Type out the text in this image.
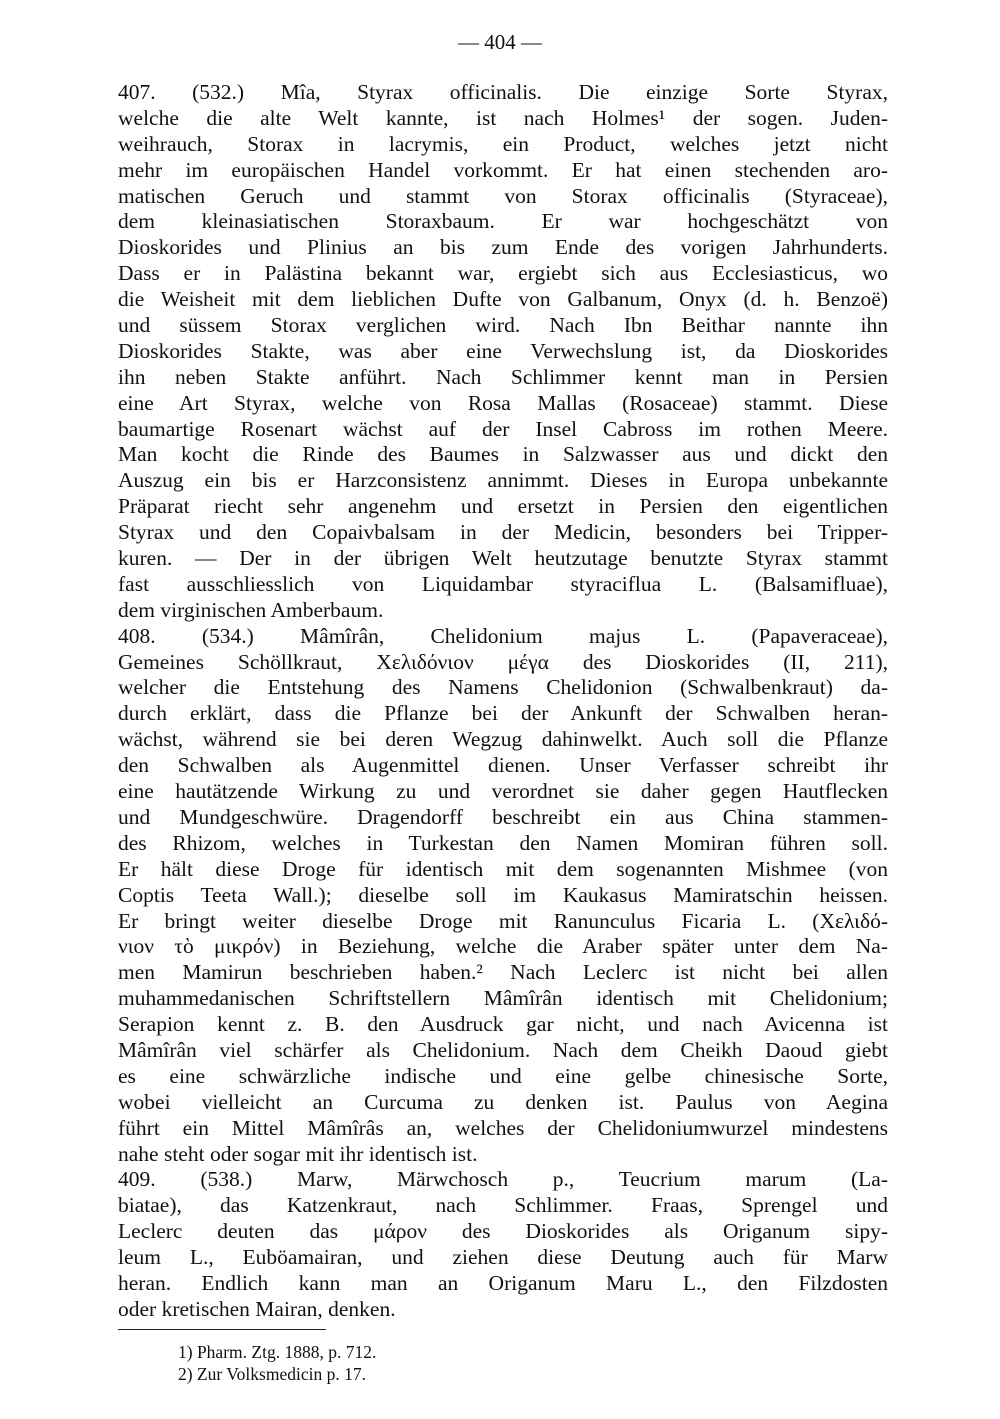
— 404 —
407. (532.) Mîa, Styrax officinalis. Die einzige Sorte Styrax,
welche die alte Welt kannte, ist nach Holmes¹ der sogen. Juden-
weihrauch, Storax in lacrymis, ein Product, welches jetzt nicht
mehr im europäischen Handel vorkommt. Er hat einen stechenden aro-
matischen Geruch und stammt von Storax officinalis (Styraceae),
dem kleinasiatischen Storaxbaum. Er war hochgeschätzt von
Dioskorides und Plinius an bis zum Ende des vorigen Jahrhunderts.
Dass er in Palästina bekannt war, ergiebt sich aus Ecclesiasticus, wo
die Weisheit mit dem lieblichen Dufte von Galbanum, Onyx (d. h. Benzoë)
und süssem Storax verglichen wird. Nach Ibn Beithar nannte ihn
Dioskorides Stakte, was aber eine Verwechslung ist, da Dioskorides
ihn neben Stakte anführt. Nach Schlimmer kennt man in Persien
eine Art Styrax, welche von Rosa Mallas (Rosaceae) stammt. Diese
baumartige Rosenart wächst auf der Insel Cabross im rothen Meere.
Man kocht die Rinde des Baumes in Salzwasser aus und dickt den
Auszug ein bis er Harzconsistenz annimmt. Dieses in Europa unbekannte
Präparat riecht sehr angenehm und ersetzt in Persien den eigentlichen
Styrax und den Copaivbalsam in der Medicin, besonders bei Tripper-
kuren. — Der in der übrigen Welt heutzutage benutzte Styrax stammt
fast ausschliesslich von Liquidambar styraciflua L. (Balsamifluae),
dem virginischen Amberbaum.
408. (534.) Mâmîrân, Chelidonium majus L. (Papaveraceae),
Gemeines Schöllkraut, Χελιδόνιον μέγα des Dioskorides (II, 211),
welcher die Entstehung des Namens Chelidonion (Schwalbenkraut) da-
durch erklärt, dass die Pflanze bei der Ankunft der Schwalben heran-
wächst, während sie bei deren Wegzug dahinwelkt. Auch soll die Pflanze
den Schwalben als Augenmittel dienen. Unser Verfasser schreibt ihr
eine hautätzende Wirkung zu und verordnet sie daher gegen Hautflecken
und Mundgeschwüre. Dragendorff beschreibt ein aus China stammen-
des Rhizom, welches in Turkestan den Namen Momiran führen soll.
Er hält diese Droge für identisch mit dem sogenannten Mishmee (von
Coptis Teeta Wall.); dieselbe soll im Kaukasus Mamiratschin heissen.
Er bringt weiter dieselbe Droge mit Ranunculus Ficaria L. (Χελιδό-
νιον τὸ μικρόν) in Beziehung, welche die Araber später unter dem Na-
men Mamirun beschrieben haben.² Nach Leclerc ist nicht bei allen
muhammedanischen Schriftstellern Mâmîrân identisch mit Chelidonium;
Serapion kennt z. B. den Ausdruck gar nicht, und nach Avicenna ist
Mâmîrân viel schärfer als Chelidonium. Nach dem Cheikh Daoud giebt
es eine schwärzliche indische und eine gelbe chinesische Sorte,
wobei vielleicht an Curcuma zu denken ist. Paulus von Aegina
führt ein Mittel Mâmîrâs an, welches der Chelidoniumwurzel mindestens
nahe steht oder sogar mit ihr identisch ist.
409. (538.) Marw, Märwchosch p., Teucrium marum (La-
biatae), das Katzenkraut, nach Schlimmer. Fraas, Sprengel und
Leclerc deuten das μάρον des Dioskorides als Origanum sipy-
leum L., Euböamairan, und ziehen diese Deutung auch für Marw
heran. Endlich kann man an Origanum Maru L., den Filzdosten
oder kretischen Mairan, denken.
1) Pharm. Ztg. 1888, p. 712.
2) Zur Volksmedicin p. 17.
